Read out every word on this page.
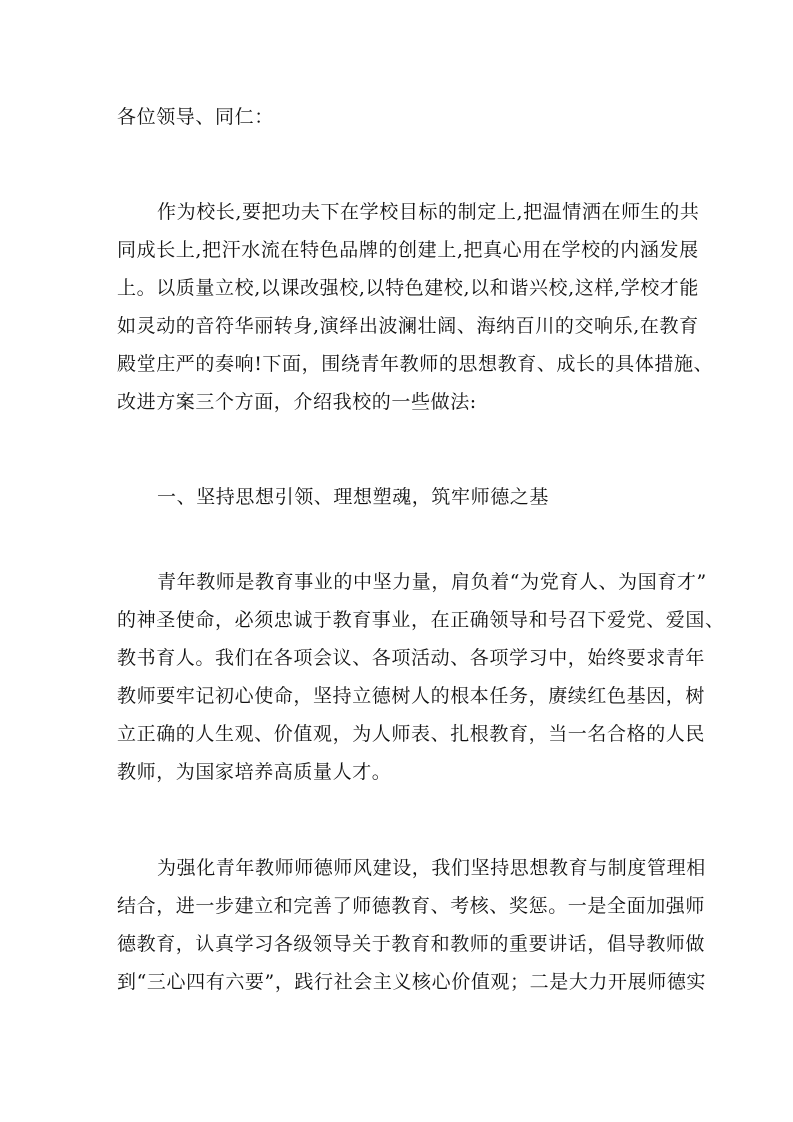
各位领导、同仁：
作为校长,要把功夫下在学校目标的制定上,把温情洒在师生的共
同成长上,把汗水流在特色品牌的创建上,把真心用在学校的内涵发展
上。以质量立校,以课改强校,以特色建校,以和谐兴校,这样,学校才能
如灵动的音符华丽转身,演绎出波澜壮阔、海纳百川的交响乐,在教育
殿堂庄严的奏响!下面，围绕青年教师的思想教育、成长的具体措施、
改进方案三个方面，介绍我校的一些做法:
一、坚持思想引领、理想塑魂，筑牢师德之基
青年教师是教育事业的中坚力量，肩负着“为党育人、为国育才”
的神圣使命，必须忠诚于教育事业，在正确领导和号召下爱党、爱国、
教书育人。我们在各项会议、各项活动、各项学习中，始终要求青年
教师要牢记初心使命，坚持立德树人的根本任务，赓续红色基因，树
立正确的人生观、价值观，为人师表、扎根教育，当一名合格的人民
教师，为国家培养高质量人才。
为强化青年教师师德师风建设，我们坚持思想教育与制度管理相
结合，进一步建立和完善了师德教育、考核、奖惩。一是全面加强师
德教育，认真学习各级领导关于教育和教师的重要讲话，倡导教师做
到“三心四有六要”，践行社会主义核心价值观；二是大力开展师德实
